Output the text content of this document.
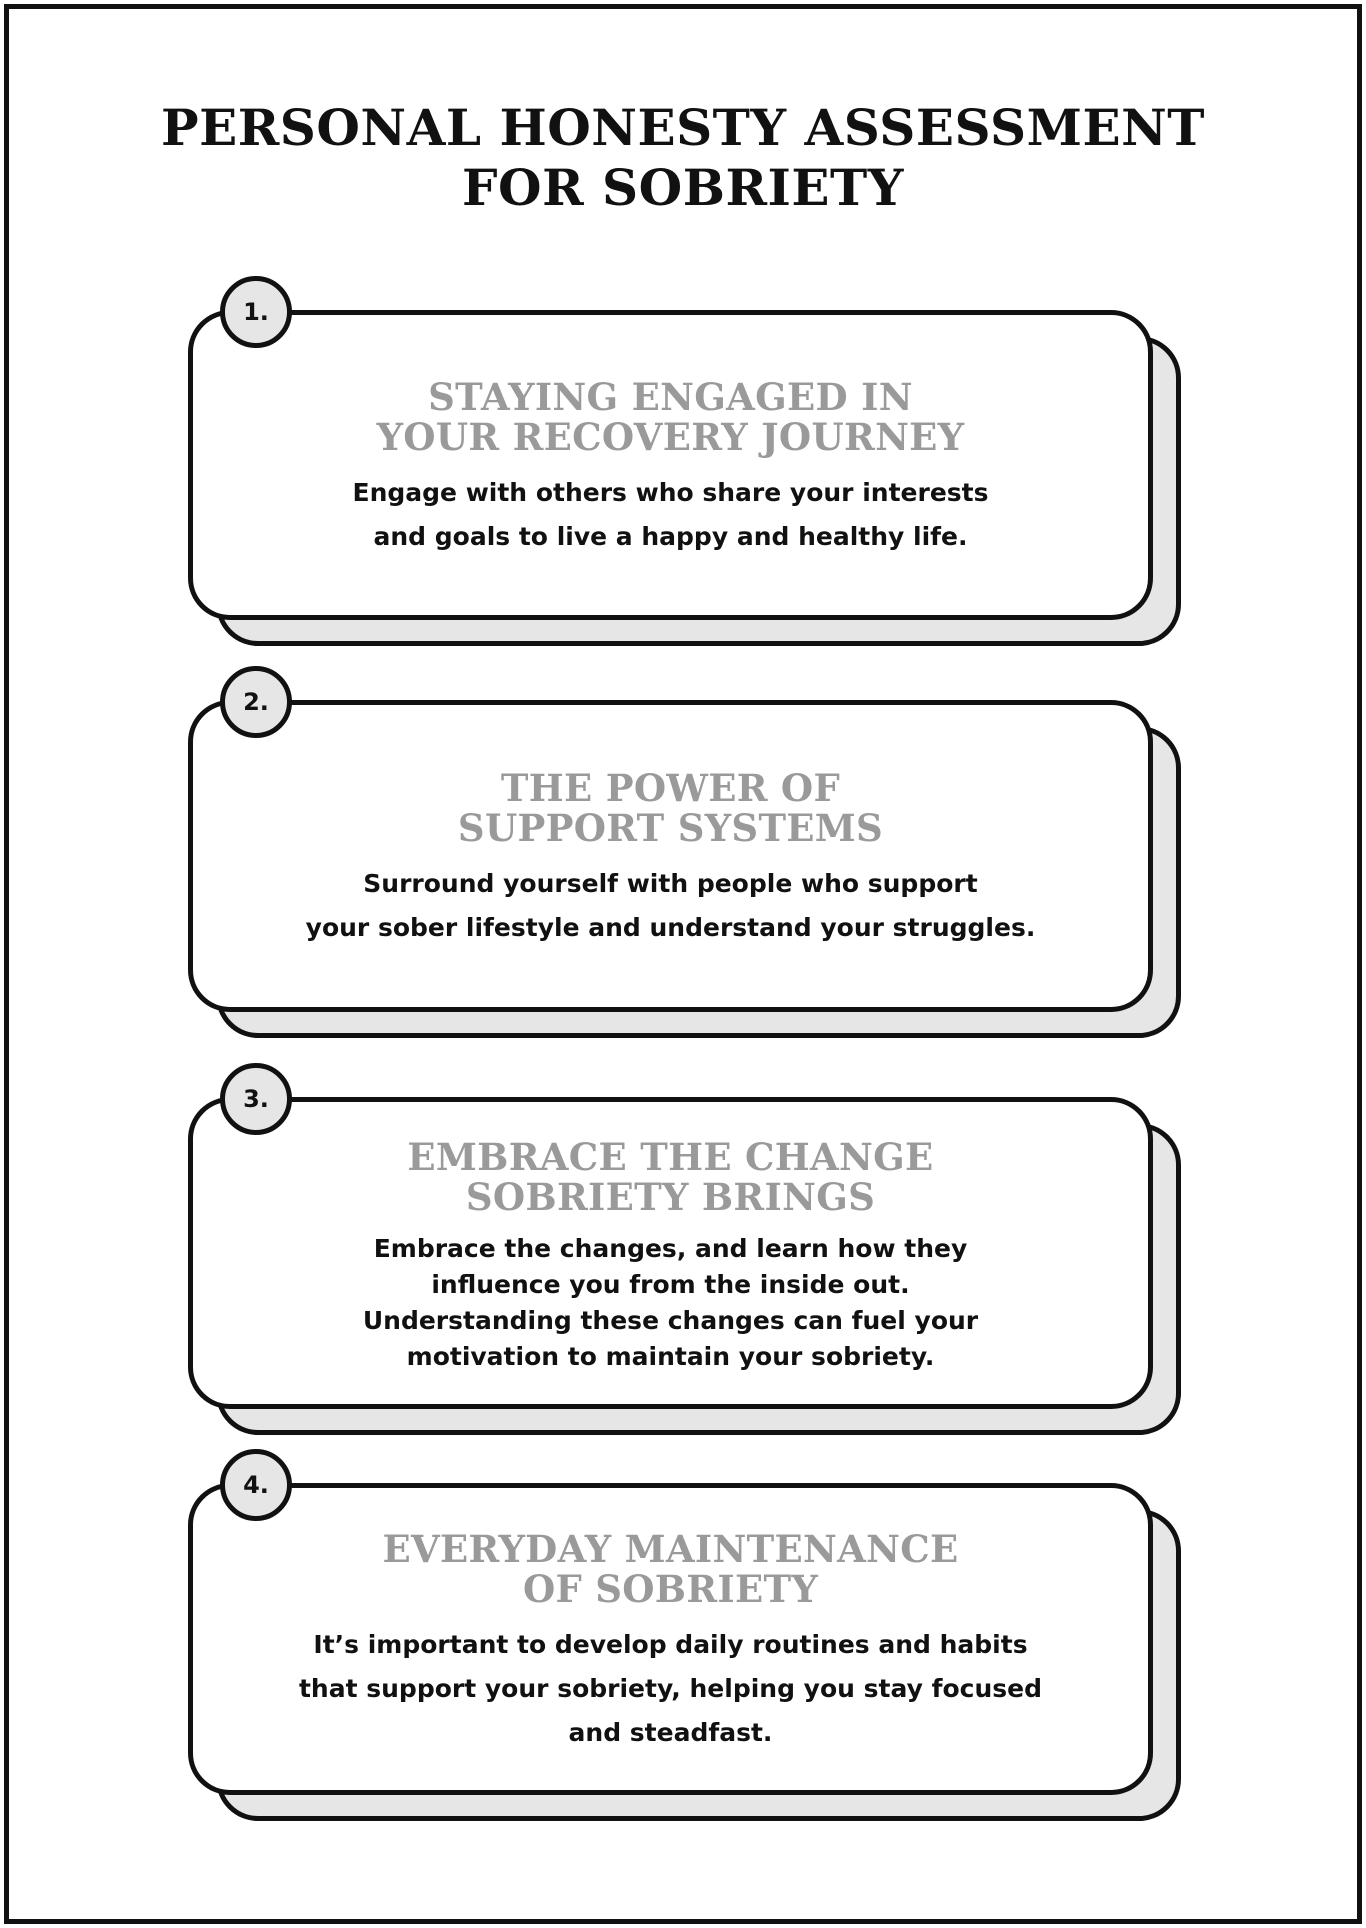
PERSONAL HONESTY ASSESSMENT
FOR SOBRIETY
STAYING ENGAGED IN
YOUR RECOVERY JOURNEY

Engage with others who share your interests
and goals to live a happy and healthy life.

1.
THE POWER OF
SUPPORT SYSTEMS

Surround yourself with people who support
your sober lifestyle and understand your struggles.

2.
EMBRACE THE CHANGE
SOBRIETY BRINGS

Embrace the changes, and learn how they
influence you from the inside out.
Understanding these changes can fuel your
motivation to maintain your sobriety.

3.
EVERYDAY MAINTENANCE
OF SOBRIETY

It’s important to develop daily routines and habits
that support your sobriety, helping you stay focused
and steadfast.

4.
